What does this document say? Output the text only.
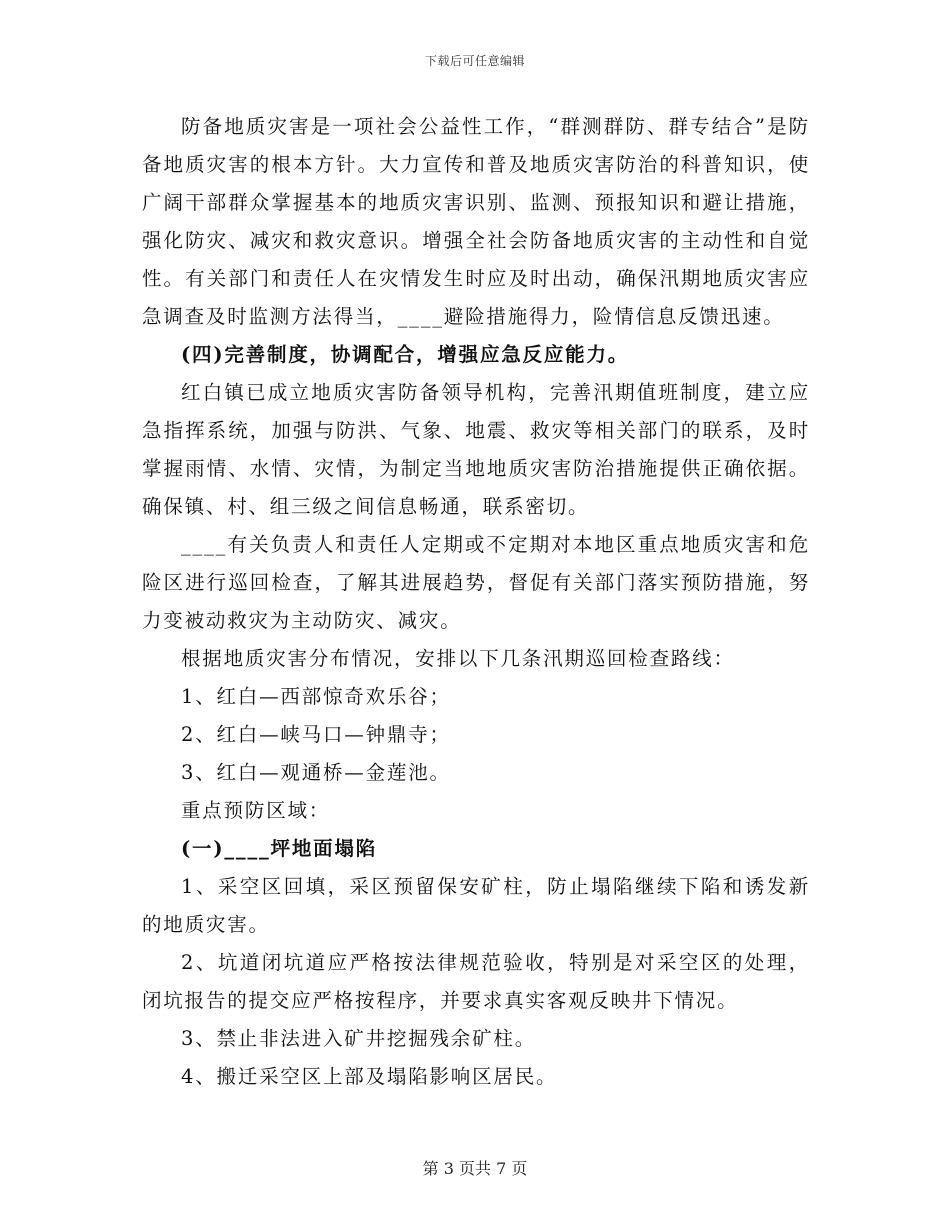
下载后可任意编辑

防备地质灾害是一项社会公益性工作，“群测群防、群专结合”是防备地质灾害的根本方针。大力宣传和普及地质灾害防治的科普知识，使广阔干部群众掌握基本的地质灾害识别、监测、预报知识和避让措施，强化防灾、减灾和救灾意识。增强全社会防备地质灾害的主动性和自觉性。有关部门和责任人在灾情发生时应及时出动，确保汛期地质灾害应急调查及时监测方法得当，____避险措施得力，险情信息反馈迅速。

(四)完善制度，协调配合，增强应急反应能力。

红白镇已成立地质灾害防备领导机构，完善汛期值班制度，建立应急指挥系统，加强与防洪、气象、地震、救灾等相关部门的联系，及时掌握雨情、水情、灾情，为制定当地地质灾害防治措施提供正确依据。确保镇、村、组三级之间信息畅通，联系密切。

____有关负责人和责任人定期或不定期对本地区重点地质灾害和危险区进行巡回检查，了解其进展趋势，督促有关部门落实预防措施，努力变被动救灾为主动防灾、减灾。

根据地质灾害分布情况，安排以下几条汛期巡回检查路线：

1、红白—西部惊奇欢乐谷；

2、红白—峡马口—钟鼎寺；

3、红白—观通桥—金莲池。

重点预防区域：

(一)____坪地面塌陷

1、采空区回填，采区预留保安矿柱，防止塌陷继续下陷和诱发新的地质灾害。

2、坑道闭坑道应严格按法律规范验收，特别是对采空区的处理，闭坑报告的提交应严格按程序，并要求真实客观反映井下情况。

3、禁止非法进入矿井挖掘残余矿柱。

4、搬迁采空区上部及塌陷影响区居民。

第 3 页共 7 页
